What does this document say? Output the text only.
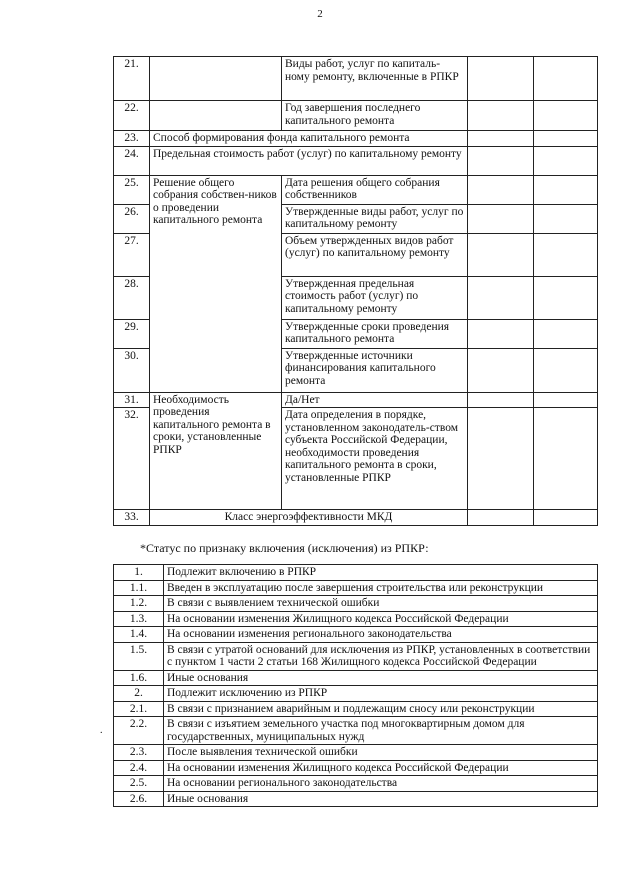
2
21.		Виды работ, услуг по капиталь-ному ремонту, включенные в РПКР		
22.		Год завершения последнего капитального ремонта		
23.	Способ формирования фонда капитального ремонта			
24.	Предельная стоимость работ (услуг) по капитальному ремонту			
25.	Решение общего собрания собствен-ников о проведении капитального ремонта	Дата решения общего собрания собственников		
26.		Утвержденные виды работ, услуг по капитальному ремонту		
27.		Объем утвержденных видов работ (услуг) по капитальному ремонту		
28.		Утвержденная предельная стоимость работ (услуг) по капитальному ремонту		
29.		Утвержденные сроки проведения капитального ремонта		
30.		Утвержденные источники финансирования капитального ремонта		
31.	Необходимость проведения капитального ремонта в сроки, установленные РПКР	Да/Нет		
32.		Дата определения в порядке, установленном законодатель-ством субъекта Российской Федерации, необходимости проведения капитального ремонта в сроки, установленные РПКР		
33.	Класс энергоэффективности МКД			
*Статус по признаку включения (исключения) из РПКР:
1.	Подлежит включению в РПКР
1.1.	Введен в эксплуатацию после завершения строительства или реконструкции
1.2.	В связи с выявлением технической ошибки
1.3.	На основании изменения Жилищного кодекса Российской Федерации
1.4.	На основании изменения регионального законодательства
1.5.	В связи с утратой оснований для исключения из РПКР, установленных в соответствии с пунктом 1 части 2 статьи 168 Жилищного кодекса Российской Федерации
1.6.	Иные основания
2.	Подлежит исключению из РПКР
2.1.	В связи с признанием аварийным и подлежащим сносу или реконструкции
2.2.	В связи с изъятием земельного участка под многоквартирным домом для государственных, муниципальных нужд
2.3.	После выявления технической ошибки
2.4.	На основании изменения Жилищного кодекса Российской Федерации
2.5.	На основании регионального законодательства
2.6.	Иные основания
.
